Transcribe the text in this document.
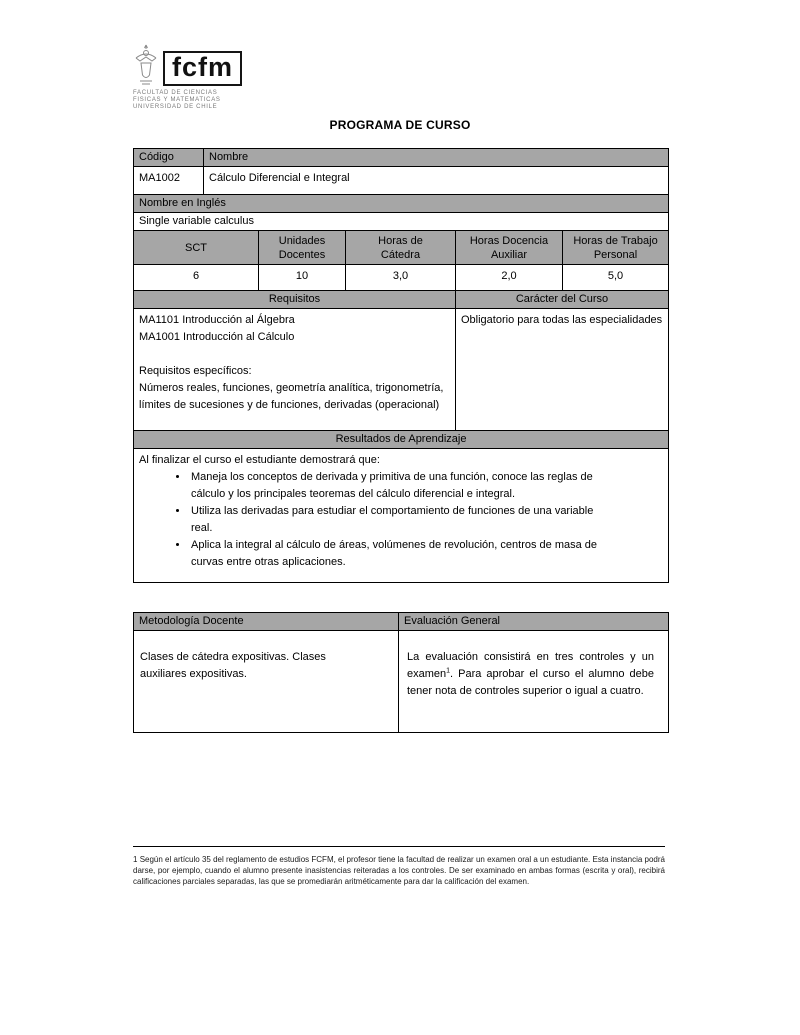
fcfm
FACULTAD DE CIENCIAS
FISICAS Y MATEMATICAS
UNIVERSIDAD DE CHILE
PROGRAMA DE CURSO
Código	Nombre				
MA1002	Cálculo Diferencial e Integral				
Nombre en Inglés					
Single variable calculus					
SCT		Unidades Docentes	Horas de Cátedra	Horas Docencia Auxiliar	Horas de Trabajo Personal
6		10	3,0	2,0	5,0
Requisitos				Carácter del Curso	

MA1101 Introducción al Álgebra
MA1001 Introducción al Cálculo
Requisitos específicos:
Números reales, funciones, geometría analítica, trigonometría, límites de sucesiones y de funciones, derivadas (operacional)				Obligatorio para todas las especialidades	
Resultados de Aprendizaje					

Al finalizar el curso el estudiante demostrará que:
• Maneja los conceptos de derivada y primitiva de una función, conoce las reglas de cálculo y los principales teoremas del cálculo diferencial e integral.
• Utiliza las derivadas para estudiar el comportamiento de funciones de una variable real.
• Aplica la integral al cálculo de áreas, volúmenes de revolución, centros de masa de curvas entre otras aplicaciones.
Metodología Docente	Evaluación General

Clases de cátedra expositivas. Clases auxiliares expositivas.	La evaluación consistirá en tres controles y un examen$^1$. Para aprobar el curso el alumno debe tener nota de controles superior o igual a cuatro.

1 Según el artículo 35 del reglamento de estudios FCFM, el profesor tiene la facultad de realizar un examen oral a un estudiante. Esta instancia podrá darse, por ejemplo, cuando el alumno presente inasistencias reiteradas a los controles. De ser examinado en ambas formas (escrita y oral), recibirá calificaciones parciales separadas, las que se promediarán aritméticamente para dar la calificación del examen.
